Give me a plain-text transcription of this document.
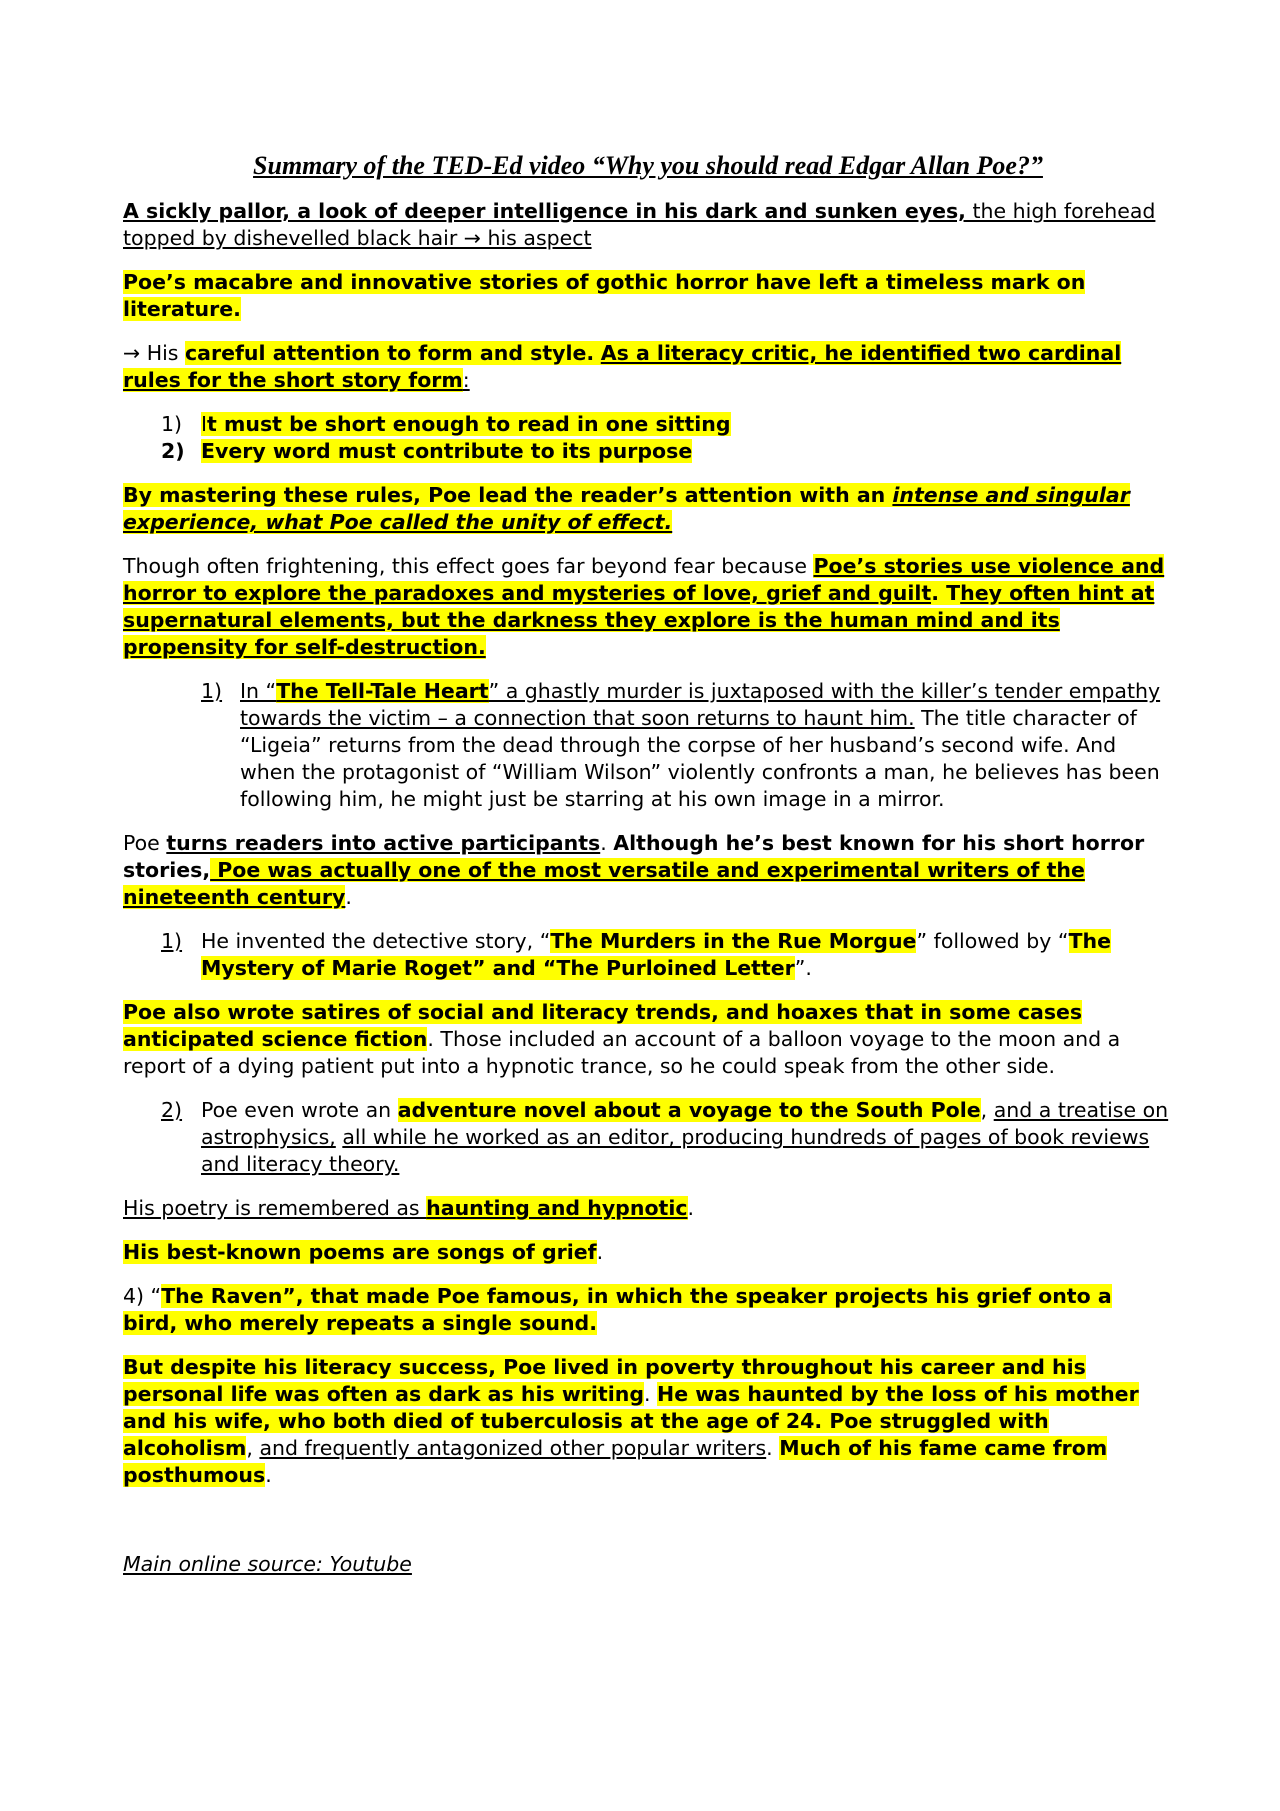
Summary of the TED-Ed video “Why you should read Edgar Allan Poe?”

A sickly pallor, a look of deeper intelligence in his dark and sunken eyes, the high forehead topped by dishevelled black hair → his aspect

Poe’s macabre and innovative stories of gothic horror have left a timeless mark on literature.

→ His careful attention to form and style. As a literacy critic, he identified two cardinal rules for the short story form:

1) It must be short enough to read in one sitting
2) Every word must contribute to its purpose

By mastering these rules, Poe lead the reader’s attention with an intense and singular experience, what Poe called the unity of effect.

Though often frightening, this effect goes far beyond fear because Poe’s stories use violence and horror to explore the paradoxes and mysteries of love, grief and guilt. They often hint at supernatural elements, but the darkness they explore is the human mind and its propensity for self-destruction.

1) In “The Tell-Tale Heart” a ghastly murder is juxtaposed with the killer’s tender empathy towards the victim – a connection that soon returns to haunt him. The title character of “Ligeia” returns from the dead through the corpse of her husband’s second wife. And when the protagonist of “William Wilson” violently confronts a man, he believes has been following him, he might just be starring at his own image in a mirror.

Poe turns readers into active participants. Although he’s best known for his short horror stories, Poe was actually one of the most versatile and experimental writers of the nineteenth century.

1) He invented the detective story, “The Murders in the Rue Morgue” followed by “The Mystery of Marie Roget” and “The Purloined Letter”.

Poe also wrote satires of social and literacy trends, and hoaxes that in some cases anticipated science fiction. Those included an account of a balloon voyage to the moon and a report of a dying patient put into a hypnotic trance, so he could speak from the other side.

2) Poe even wrote an adventure novel about a voyage to the South Pole, and a treatise on astrophysics, all while he worked as an editor, producing hundreds of pages of book reviews and literacy theory.

His poetry is remembered as haunting and hypnotic.

His best-known poems are songs of grief.

4) “The Raven”, that made Poe famous, in which the speaker projects his grief onto a bird, who merely repeats a single sound.

But despite his literacy success, Poe lived in poverty throughout his career and his personal life was often as dark as his writing. He was haunted by the loss of his mother and his wife, who both died of tuberculosis at the age of 24. Poe struggled with alcoholism, and frequently antagonized other popular writers. Much of his fame came from posthumous.

Main online source: Youtube
